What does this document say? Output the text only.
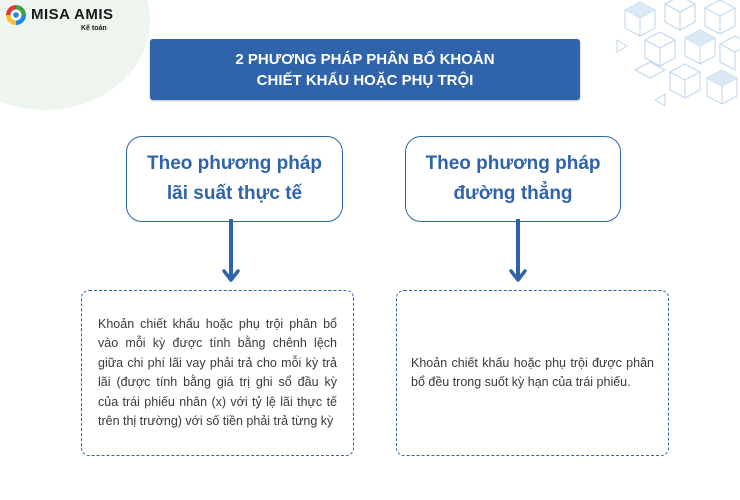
MISA AMIS
Kế toán
2 PHƯƠNG PHÁP PHÂN BỔ KHOẢN
CHIẾT KHẤU HOẶC PHỤ TRỘI
Theo phương pháp
lãi suất thực tế
Theo phương pháp
đường thẳng
Khoản chiết khấu hoặc phụ trội phân bổ vào mỗi kỳ được tính bằng chênh lệch giữa chi phí lãi vay phải trả cho mỗi kỳ trả lãi (được tính bằng giá trị ghi sổ đầu kỳ của trái phiếu nhân (x) với tỷ lệ lãi thực tế trên thị trường) với số tiền phải trả từng kỳ
Khoản chiết khấu hoặc phụ trội được phân bổ đều trong suốt kỳ hạn của trái phiếu.
